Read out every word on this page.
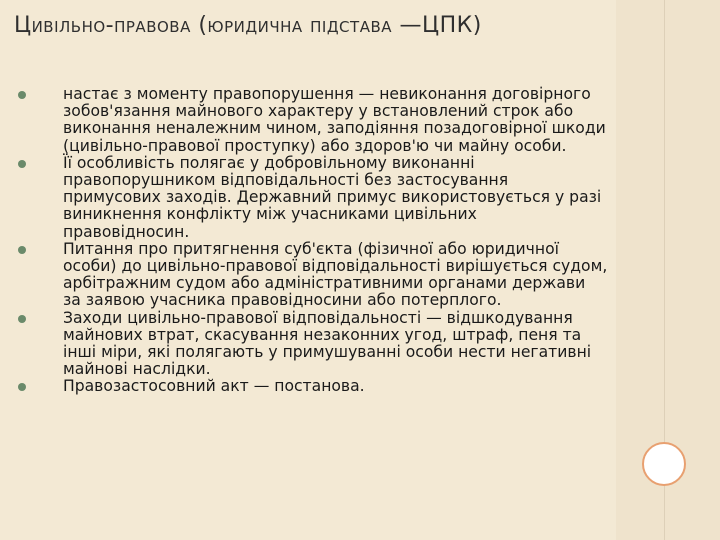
Цивільно-правова (юридична підстава —ЦПК)
настає з моменту правопорушення — невиконання договірного зобов'язання майнового характеру у встановлений строк або виконання неналежним чином, заподіяння позадоговірної шкоди (цивільно-правової проступку) або здоров'ю чи майну особи.
Її особливість полягає у добровільному виконанні правопорушником відповідальності без застосування примусових заходів. Державний примус використовується у разі виникнення конфлікту між учасниками цивільних правовідносин.
Питання про притягнення суб'єкта (фізичної або юридичної особи) до цивільно-правової відповідальності вирішується судом, арбітражним судом або адміністративними органами держави за заявою учасника правовідносини або потерплого.
Заходи цивільно-правової відповідальності — відшкодування майнових втрат, скасування незаконних угод, штраф, пеня та інші міри, які полягають у примушуванні особи нести негативні майнові наслідки.
Правозастосовний акт — постанова.
